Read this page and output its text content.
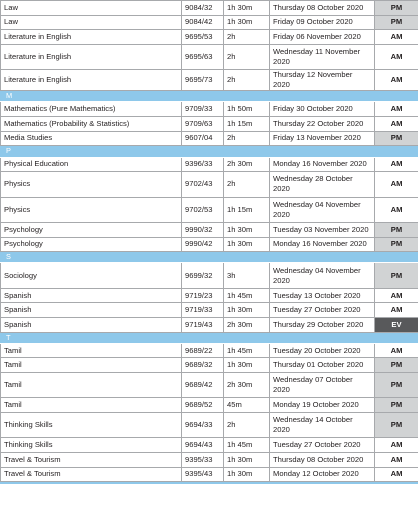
Law	9084/32	1h 30m	Thursday 08 October 2020	PM
Law	9084/42	1h 30m	Friday 09 October 2020	PM
Literature in English	9695/53	2h	Friday 06 November 2020	AM
Literature in English	9695/63	2h	Wednesday 11 November 2020	AM
Literature in English	9695/73	2h	Thursday 12 November 2020	AM
M				
Mathematics (Pure Mathematics)	9709/33	1h 50m	Friday 30 October 2020	AM
Mathematics (Probability & Statistics)	9709/63	1h 15m	Thursday 22 October 2020	AM
Media Studies	9607/04	2h	Friday 13 November 2020	PM
P				
Physical Education	9396/33	2h 30m	Monday 16 November 2020	AM
Physics	9702/43	2h	Wednesday 28 October 2020	AM
Physics	9702/53	1h 15m	Wednesday 04 November 2020	AM
Psychology	9990/32	1h 30m	Tuesday 03 November 2020	PM
Psychology	9990/42	1h 30m	Monday 16 November 2020	PM
S				
Sociology	9699/32	3h	Wednesday 04 November 2020	PM
Spanish	9719/23	1h 45m	Tuesday 13 October 2020	AM
Spanish	9719/33	1h 30m	Tuesday 27 October 2020	AM
Spanish	9719/43	2h 30m	Thursday 29 October 2020	EV
T				
Tamil	9689/22	1h 45m	Tuesday 20 October 2020	AM
Tamil	9689/32	1h 30m	Thursday 01 October 2020	PM
Tamil	9689/42	2h 30m	Wednesday 07 October 2020	PM
Tamil	9689/52	45m	Monday 19 October 2020	PM
Thinking Skills	9694/33	2h	Wednesday 14 October 2020	PM
Thinking Skills	9694/43	1h 45m	Tuesday 27 October 2020	AM
Travel & Tourism	9395/33	1h 30m	Thursday 08 October 2020	AM
Travel & Tourism	9395/43	1h 30m	Monday 12 October 2020	AM
